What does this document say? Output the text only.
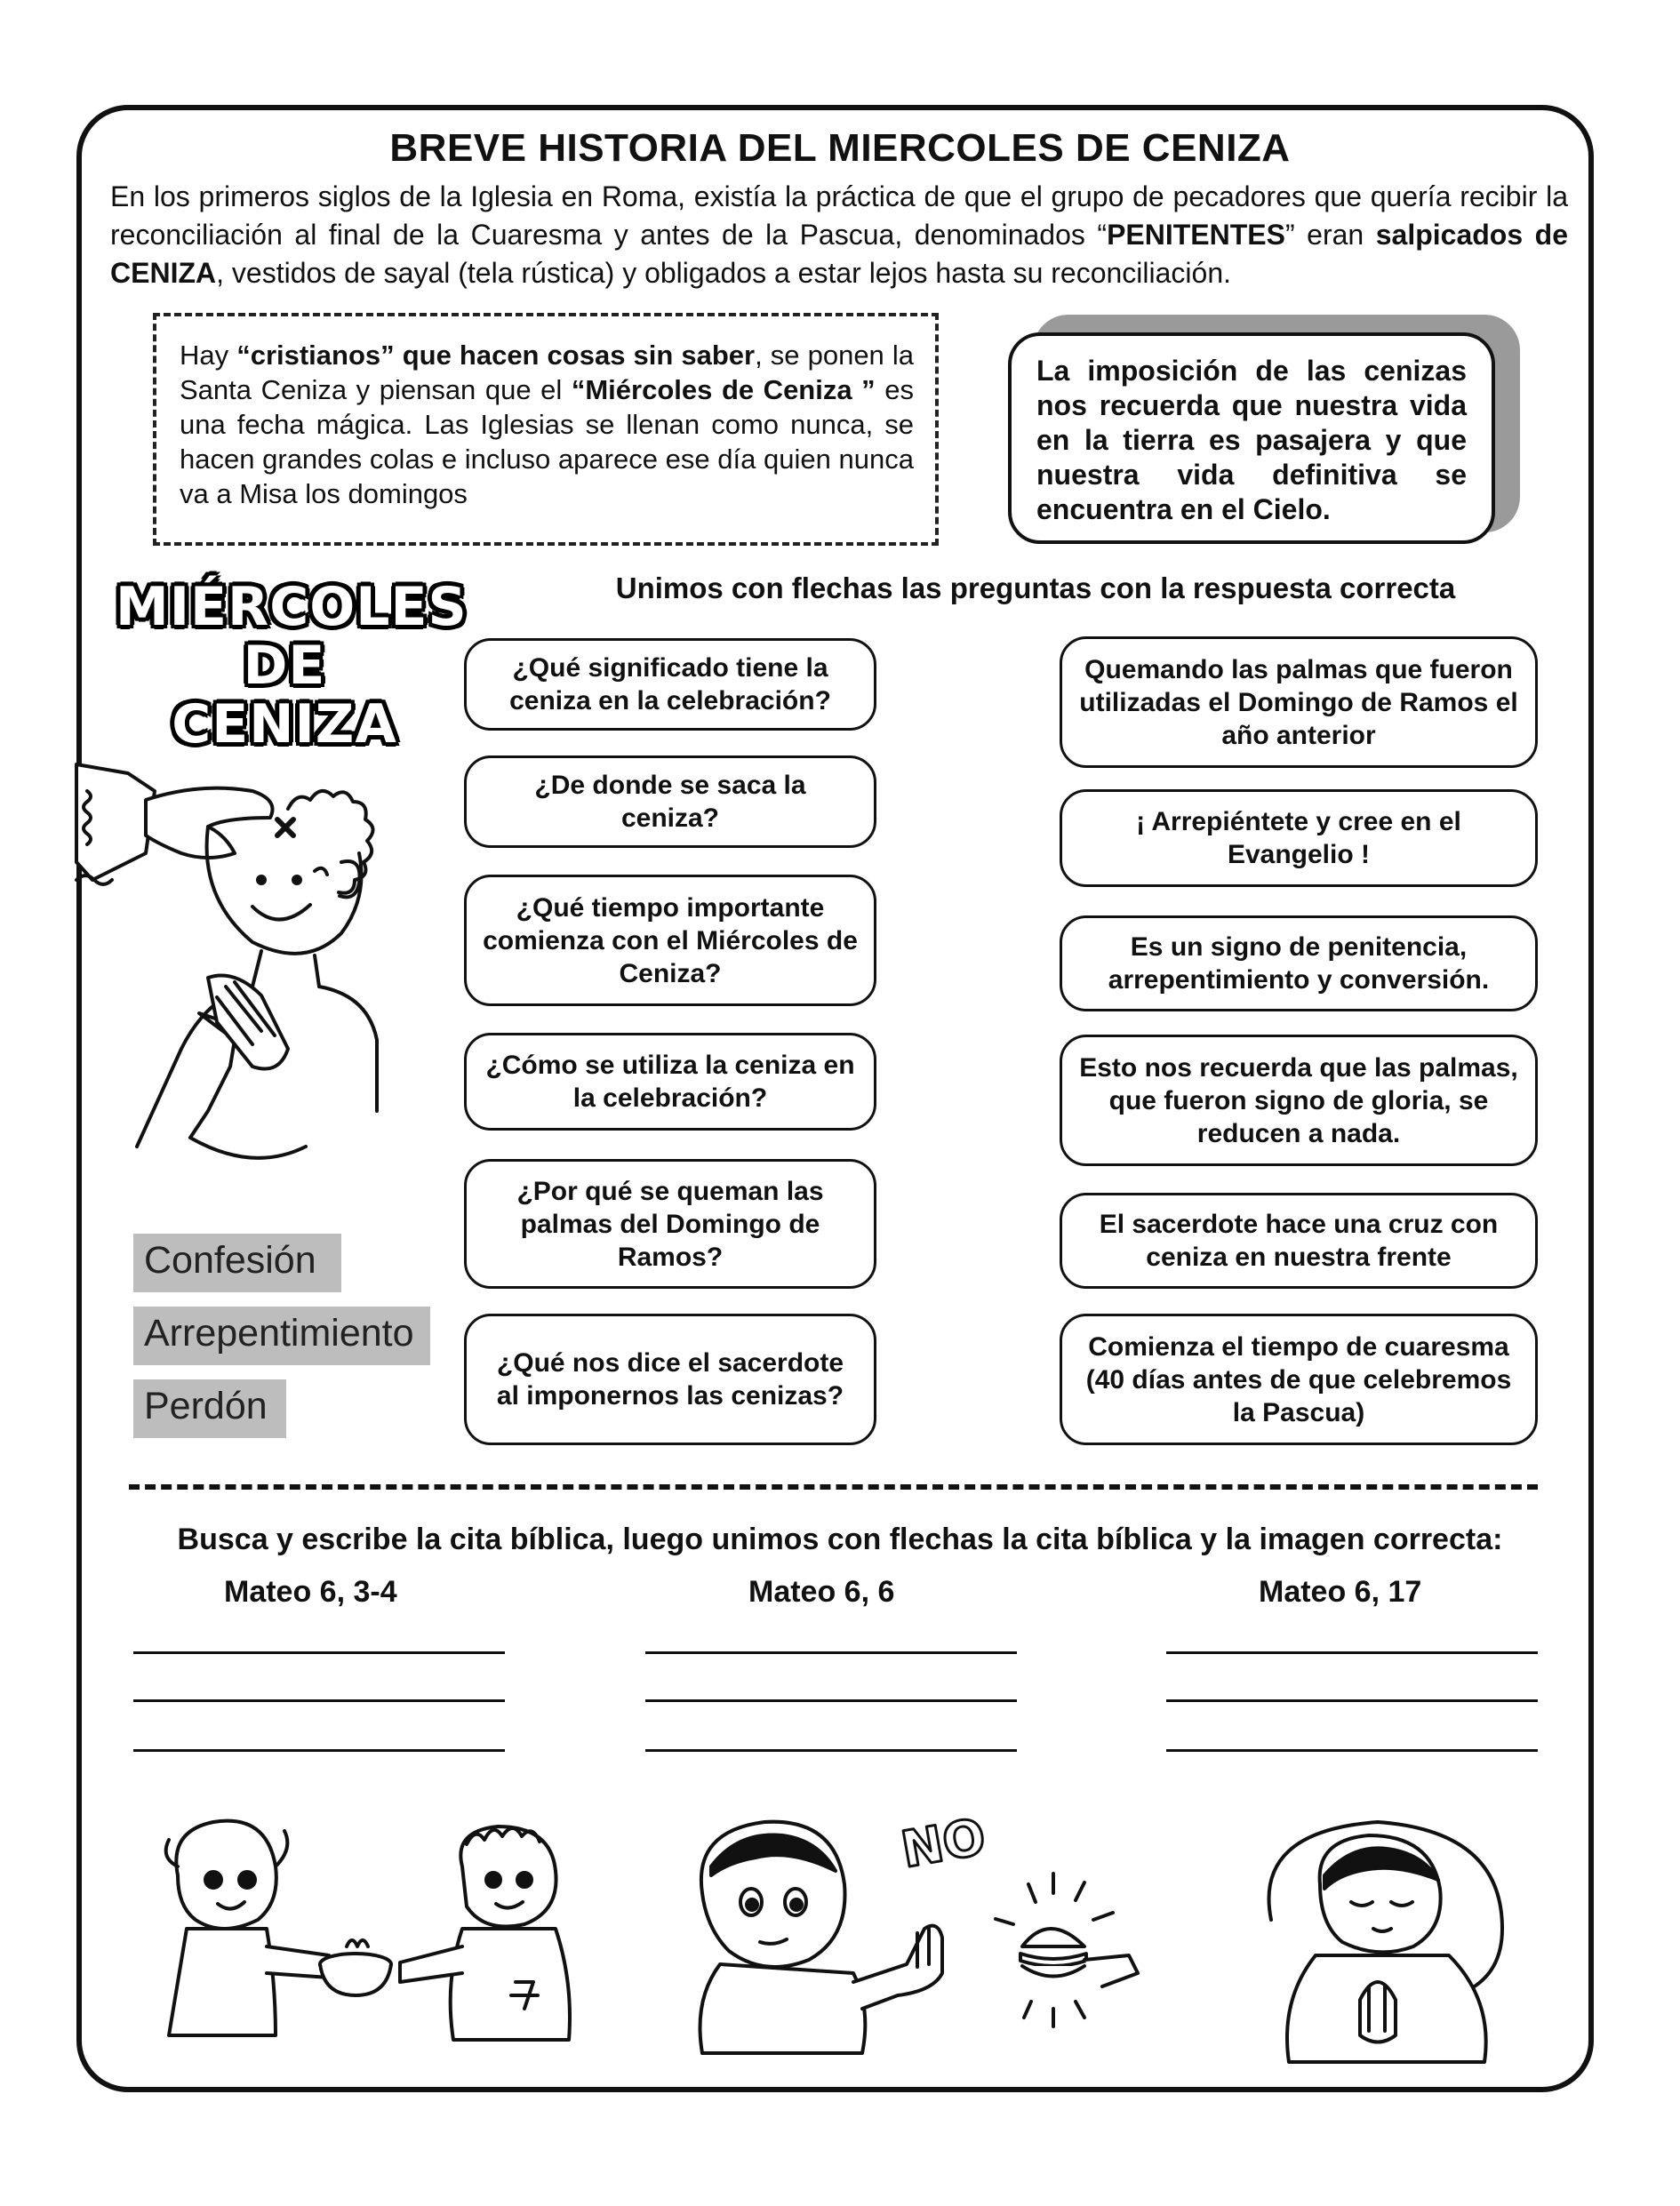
BREVE HISTORIA DEL MIERCOLES DE CENIZA
En los primeros siglos de la Iglesia en Roma, existía la práctica de que el grupo de pecadores que quería recibir la reconciliación al final de la Cuaresma y antes de la Pascua, denominados “PENITENTES” eran salpicados de CENIZA, vestidos de sayal (tela rústica) y obligados a estar lejos hasta su reconciliación.
Hay “cristianos” que hacen cosas sin saber, se ponen la Santa Ceniza y piensan que el “Miércoles de Ceniza ” es una fecha mágica. Las Iglesias se llenan como nunca, se hacen grandes colas e incluso aparece ese día quien nunca va a Misa los domingos
La imposición de las cenizas nos recuerda que nuestra vida en la tierra es pasajera y que nuestra vida definitiva se encuentra en el Cielo.
MIÉRCOLES
DE
CENIZA
Unimos con flechas las preguntas con la respuesta correcta
¿Qué significado tiene la ceniza en la celebración?
¿De donde se saca la ceniza?
¿Qué tiempo importante comienza con el Miércoles de Ceniza?
¿Cómo se utiliza la ceniza en la celebración?
¿Por qué se queman las palmas del Domingo de Ramos?
¿Qué nos dice el sacerdote al imponernos las cenizas?
Quemando las palmas que fueron utilizadas el Domingo de Ramos el año anterior
¡ Arrepiéntete y cree en el Evangelio !
Es un signo de penitencia, arrepentimiento y conversión.
Esto nos recuerda que las palmas, que fueron signo de gloria, se reducen a nada.
El sacerdote hace una cruz con ceniza en nuestra frente
Comienza el tiempo de cuaresma (40 días antes de que celebremos la Pascua)
Confesión
Arrepentimiento
Perdón
Busca y escribe la cita bíblica, luego unimos con flechas la cita bíblica y la imagen correcta:
Mateo 6, 3-4	Mateo 6, 6	Mateo 6, 17
NO
